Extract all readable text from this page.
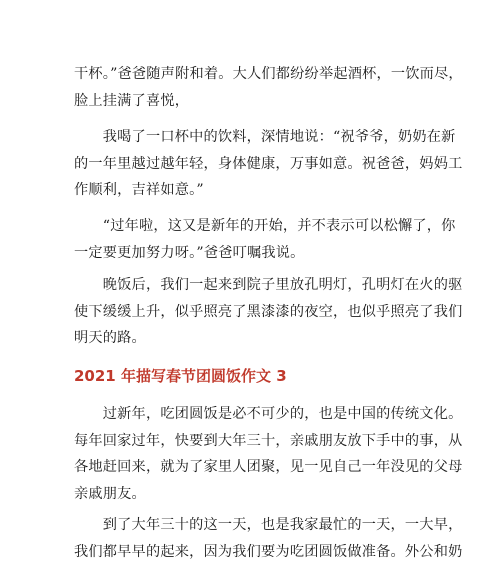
干杯。”爸爸随声附和着。大人们都纷纷举起酒杯，一饮而尽，
脸上挂满了喜悦，

　　我喝了一口杯中的饮料，深情地说：“祝爷爷，奶奶在新
的一年里越过越年轻，身体健康，万事如意。祝爸爸，妈妈工
作顺利，吉祥如意。”

　　“过年啦，这又是新年的开始，并不表示可以松懈了，你
一定要更加努力呀。”爸爸叮嘱我说。

　　晚饭后，我们一起来到院子里放孔明灯，孔明灯在火的驱
使下缓缓上升，似乎照亮了黑漆漆的夜空，也似乎照亮了我们
明天的路。

2021 年描写春节团圆饭作文 3

　　过新年，吃团圆饭是必不可少的，也是中国的传统文化。
每年回家过年，快要到大年三十，亲戚朋友放下手中的事，从
各地赶回来，就为了家里人团聚，见一见自己一年没见的父母
亲戚朋友。

　　到了大年三十的这一天，也是我家最忙的一天，一大早，
我们都早早的起来，因为我们要为吃团圆饭做准备。外公和奶
